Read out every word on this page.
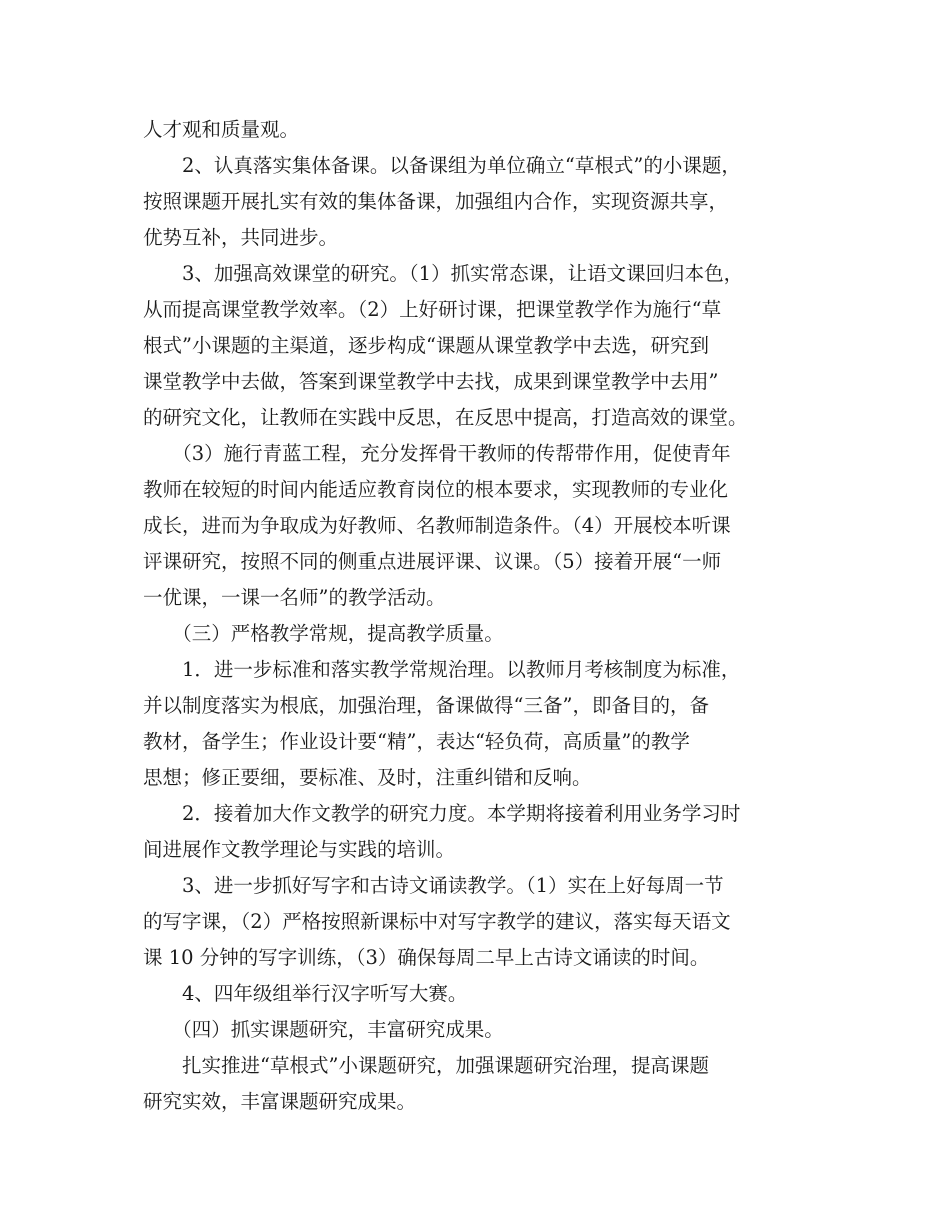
人才观和质量观。
　　2、认真落实集体备课。以备课组为单位确立“草根式”的小课题，
按照课题开展扎实有效的集体备课，加强组内合作，实现资源共享，
优势互补，共同进步。
　　3、加强高效课堂的研究。（1）抓实常态课，让语文课回归本色，
从而提高课堂教学效率。（2）上好研讨课，把课堂教学作为施行“草
根式”小课题的主渠道，逐步构成“课题从课堂教学中去选，研究到
课堂教学中去做，答案到课堂教学中去找，成果到课堂教学中去用”
的研究文化，让教师在实践中反思，在反思中提高，打造高效的课堂。
　　（3）施行青蓝工程，充分发挥骨干教师的传帮带作用，促使青年
教师在较短的时间内能适应教育岗位的根本要求，实现教师的专业化
成长，进而为争取成为好教师、名教师制造条件。（4）开展校本听课
评课研究，按照不同的侧重点进展评课、议课。（5）接着开展“一师
一优课，一课一名师”的教学活动。
　　（三）严格教学常规，提高教学质量。
　　1．进一步标准和落实教学常规治理。以教师月考核制度为标准，
并以制度落实为根底，加强治理，备课做得“三备”，即备目的，备
教材，备学生；作业设计要“精”，表达“轻负荷，高质量”的教学
思想；修正要细，要标准、及时，注重纠错和反响。
　　2．接着加大作文教学的研究力度。本学期将接着利用业务学习时
间进展作文教学理论与实践的培训。
　　3、进一步抓好写字和古诗文诵读教学。（1）实在上好每周一节
的写字课，（2）严格按照新课标中对写字教学的建议，落实每天语文
课 10 分钟的写字训练，（3）确保每周二早上古诗文诵读的时间。
　　4、四年级组举行汉字听写大赛。
　　（四）抓实课题研究，丰富研究成果。
　　扎实推进“草根式”小课题研究，加强课题研究治理，提高课题
研究实效，丰富课题研究成果。
